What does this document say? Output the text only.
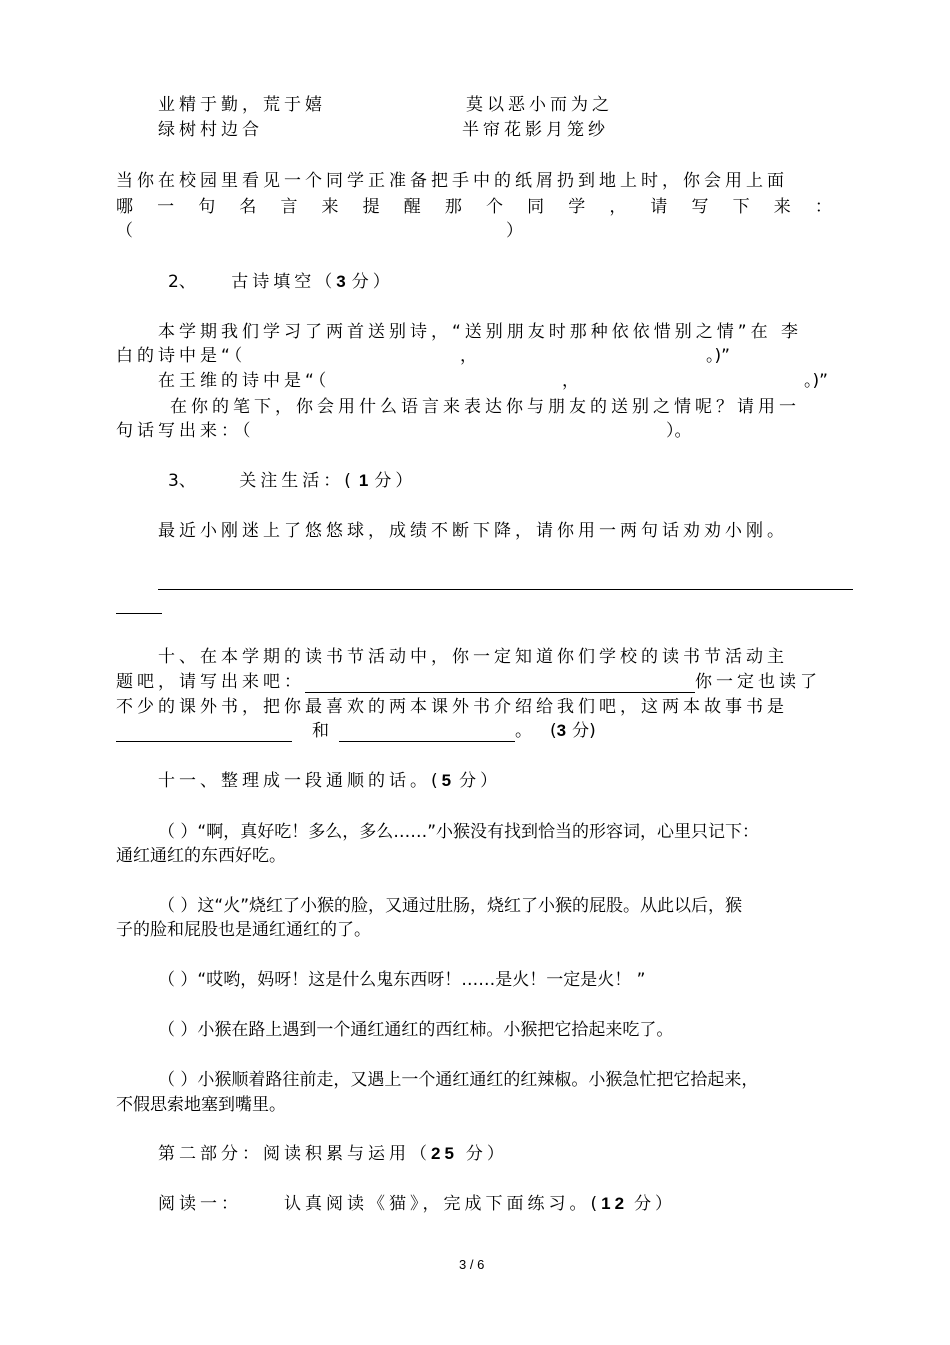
业精于勤，荒于嬉	莫以恶小而为之
绿树村边合	半帘花影月笼纱
当你在校园里看见一个同学正准备把手中的纸屑扔到地上时，你会用上面
哪 一 句 名 言 来 提 醒 那 个 同 学 ， 请 写 下 来 ：
（	）
2、 古诗填空（3 分）
本学期我们学习了两首送别诗，“送别朋友时那种依依惜别之情”在 李
白的诗中是“（	，	。)”
在王维的诗中是“（	，	。)”
在你的笔下，你会用什么语言来表达你与朋友的送别之情呢？请用一
句话写出来：（	）。
3、	关注生活：( 1 分）
最近小刚迷上了悠悠球，成绩不断下降，请你用一两句话劝劝小刚。
十、在本学期的读书节活动中，你一定知道你们学校的读书节活动主
题吧，请写出来吧：	你一定也读了
不少的课外书，把你最喜欢的两本课外书介绍给我们吧，这两本故事书是
和	。 (3 分)
十一、整理成一段通顺的话。(5 分）
（ ）“啊，真好吃！多么，多么……”小猴没有找到恰当的形容词，心里只记下：
通红通红的东西好吃。
（ ）这“火”烧红了小猴的脸，又通过肚肠，烧红了小猴的屁股。从此以后，猴
子的脸和屁股也是通红通红的了。
（ ）“哎哟，妈呀！这是什么鬼东西呀！……是火！一定是火！ ”
（ ）小猴在路上遇到一个通红通红的西红柿。小猴把它拾起来吃了。
（ ）小猴顺着路往前走，又遇上一个通红通红的红辣椒。小猴急忙把它拾起来，
不假思索地塞到嘴里。
第二部分：阅读积累与运用（25 分）
阅读一： 认真阅读《猫》，完成下面练习。(12 分）
3 / 6
